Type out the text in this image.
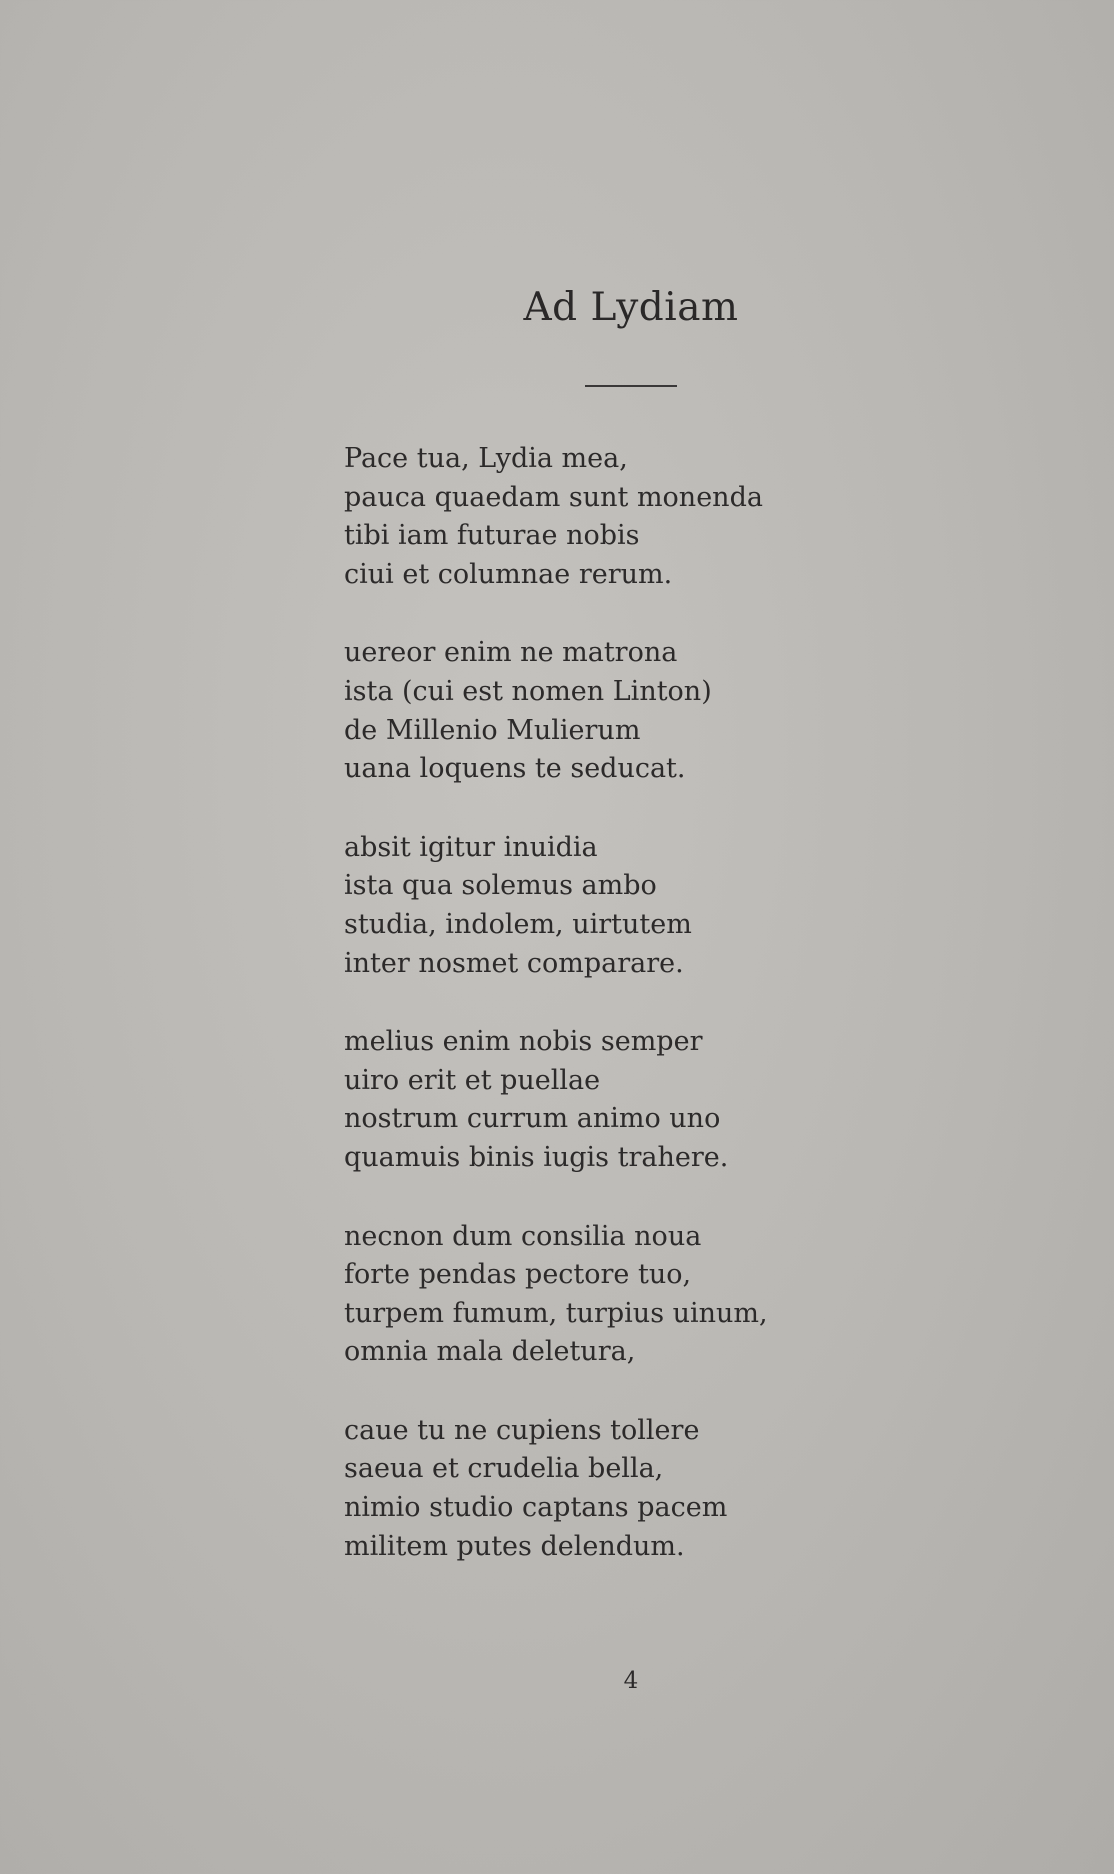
Ad Lydiam
Pace tua, Lydia mea,
pauca quaedam sunt monenda
tibi iam futurae nobis
ciui et columnae rerum.
uereor enim ne matrona
ista (cui est nomen Linton)
de Millenio Mulierum
uana loquens te seducat.
absit igitur inuidia
ista qua solemus ambo
studia, indolem, uirtutem
inter nosmet comparare.
melius enim nobis semper
uiro erit et puellae
nostrum currum animo uno
quamuis binis iugis trahere.
necnon dum consilia noua
forte pendas pectore tuo,
turpem fumum, turpius uinum,
omnia mala deletura,
caue tu ne cupiens tollere
saeua et crudelia bella,
nimio studio captans pacem
militem putes delendum.
4
